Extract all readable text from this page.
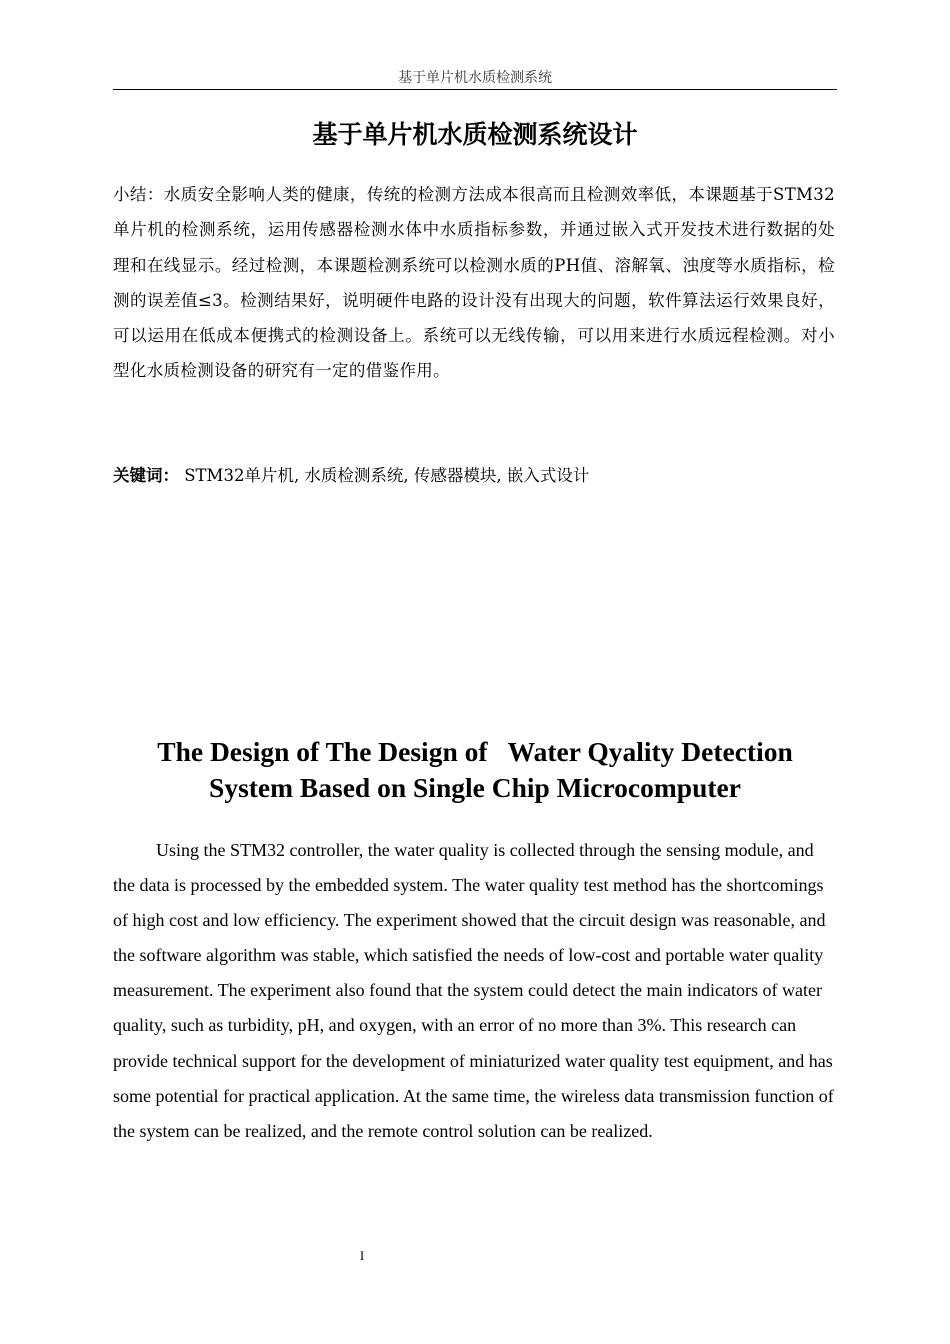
基于单片机水质检测系统
基于单片机水质检测系统设计
小结：水质安全影响人类的健康，传统的检测方法成本很高而且检测效率低，本课题基于STM32单片机的检测系统，运用传感器检测水体中水质指标参数，并通过嵌入式开发技术进行数据的处理和在线显示。经过检测，本课题检测系统可以检测水质的PH值、溶解氧、浊度等水质指标，检测的误差值≤3。检测结果好，说明硬件电路的设计没有出现大的问题，软件算法运行效果良好，可以运用在低成本便携式的检测设备上。系统可以无线传输，可以用来进行水质远程检测。对小型化水质检测设备的研究有一定的借鉴作用。
关键词： STM32单片机, 水质检测系统, 传感器模块, 嵌入式设计
The Design of The Design of   Water Qyality Detection System Based on Single Chip Microcomputer
Using the STM32 controller, the water quality is collected through the sensing module, and the data is processed by the embedded system. The water quality test method has the shortcomings of high cost and low efficiency. The experiment showed that the circuit design was reasonable, and the software algorithm was stable, which satisfied the needs of low-cost and portable water quality measurement. The experiment also found that the system could detect the main indicators of water quality, such as turbidity, pH, and oxygen, with an error of no more than 3%. This research can provide technical support for the development of miniaturized water quality test equipment, and has some potential for practical application. At the same time, the wireless data transmission function of the system can be realized, and the remote control solution can be realized.
I
